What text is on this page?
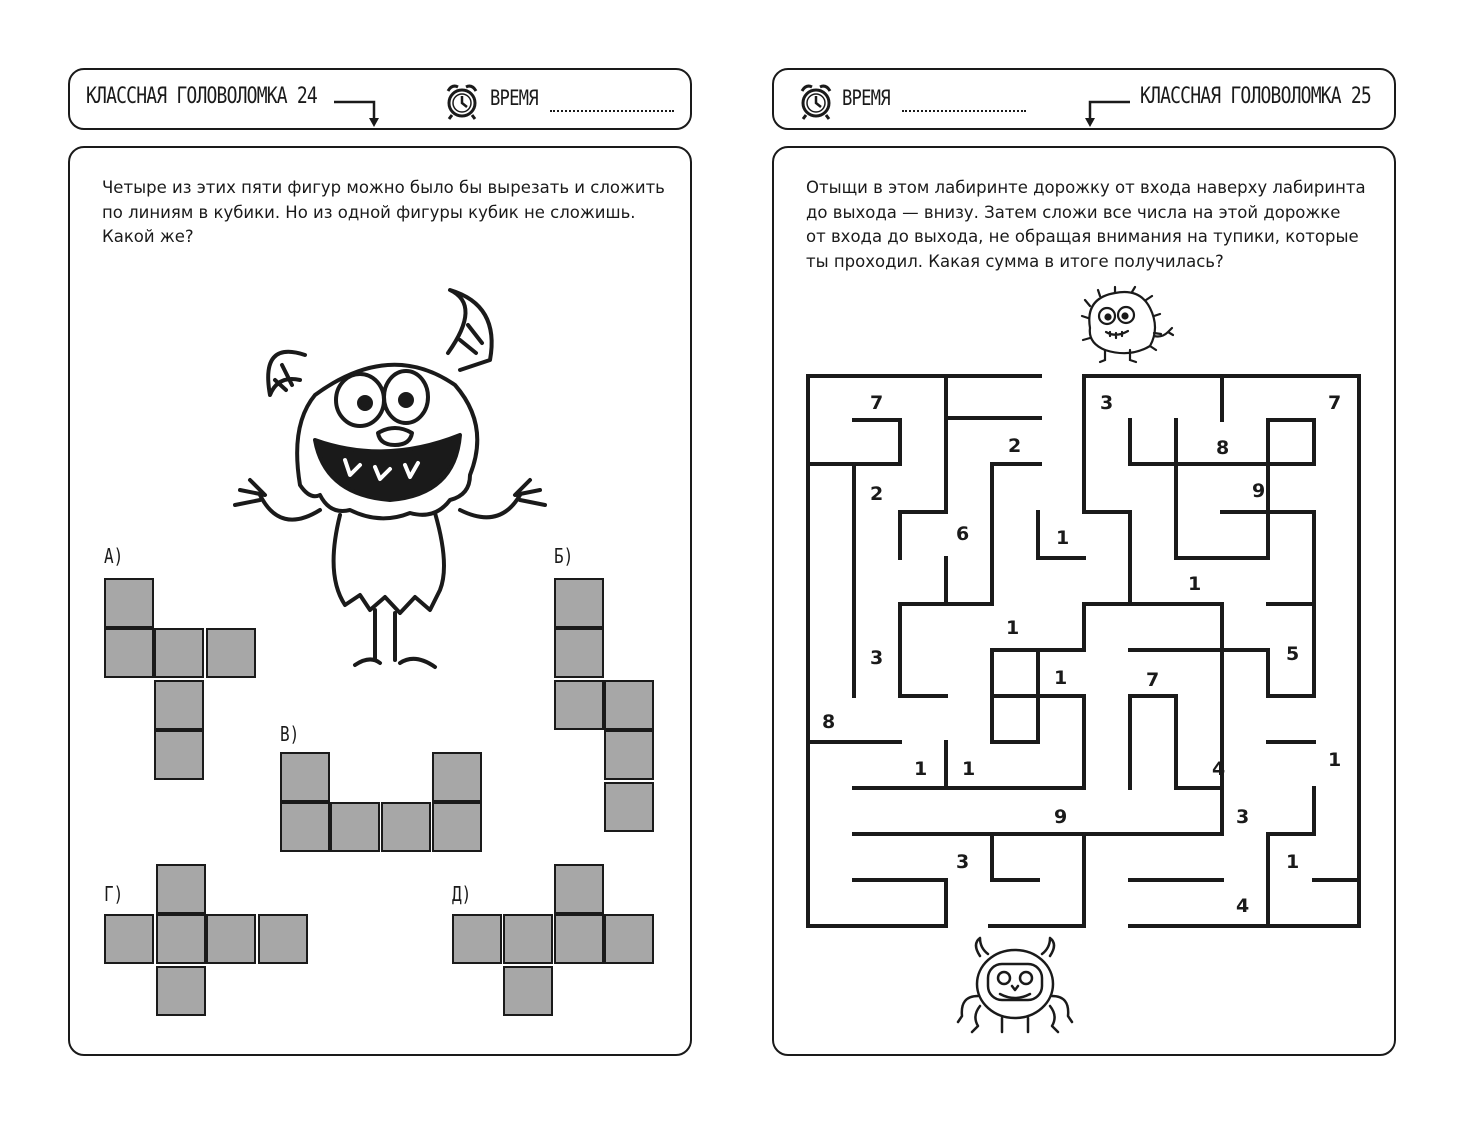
КЛАССНАЯ ГОЛОВОЛОМКА 24	ВРЕМЯ
Четыре из этих пяти фигур можно было бы вырезать и сложить
по линиям в кубики. Но из одной фигуры кубик не сложишь.
Какой же?
А)	Б)
В)
Г)	Д)
ВРЕМЯ	КЛАССНАЯ ГОЛОВОЛОМКА 25
Отыщи в этом лабиринте дорожку от входа наверху лабиринта
до выхода — внизу. Затем сложи все числа на этой дорожке
от входа до выхода, не обращая внимания на тупики, которые
ты проходил. Какая сумма в итоге получилась?
7	3	7
2	8
2	9
6	1
1
1
3	5
1	7
8
1 1	4	1
9	3
3	1
4
